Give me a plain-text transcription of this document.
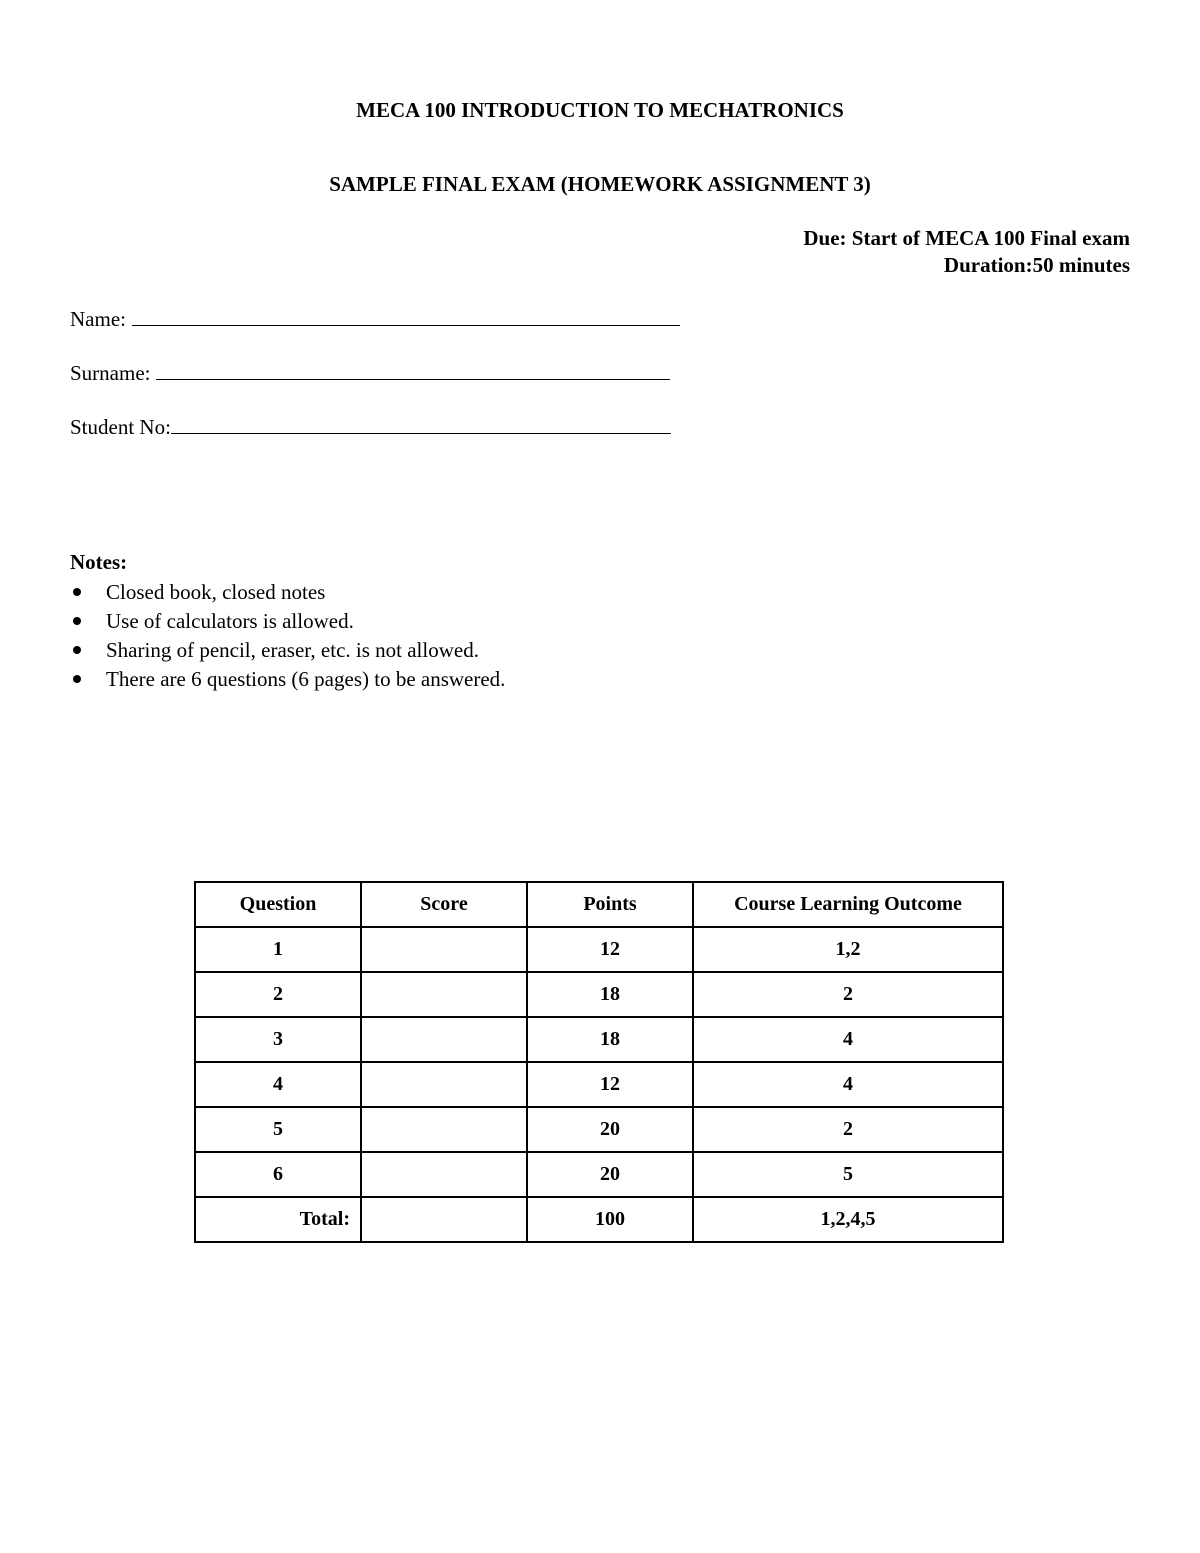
MECA 100 INTRODUCTION TO MECHATRONICS
SAMPLE FINAL EXAM (HOMEWORK ASSIGNMENT 3)
Due: Start of MECA 100 Final exam
Duration:50 minutes
Name:
Surname:
Student No:
Notes:
Closed book, closed notes
Use of calculators is allowed.
Sharing of pencil, eraser, etc. is not allowed.
There are 6 questions (6 pages) to be answered.
Question	Score	Points	Course Learning Outcome
1		12	1,2
2		18	2
3		18	4
4		12	4
5		20	2
6		20	5
Total:		100	1,2,4,5
